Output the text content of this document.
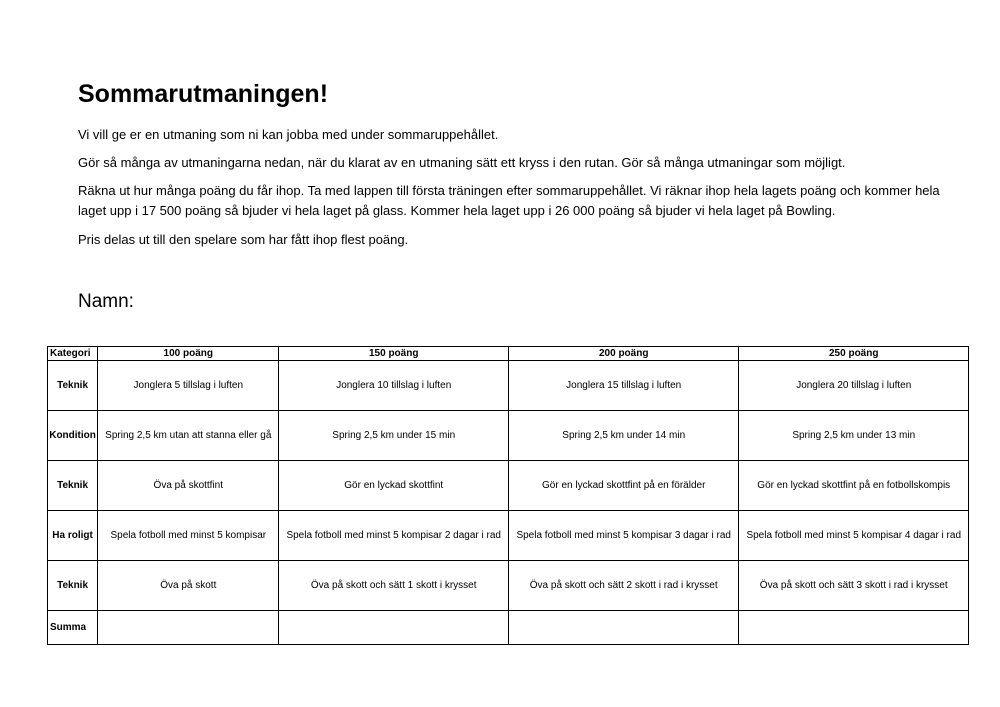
Sommarutmaningen!

Vi vill ge er en utmaning som ni kan jobba med under sommaruppehållet.

Gör så många av utmaningarna nedan, när du klarat av en utmaning sätt ett kryss i den rutan. Gör så många utmaningar som möjligt.

Räkna ut hur många poäng du får ihop. Ta med lappen till första träningen efter sommaruppehållet. Vi räknar ihop hela lagets poäng och kommer hela laget upp i 17 500 poäng så bjuder vi hela laget på glass. Kommer hela laget upp i 26 000 poäng så bjuder vi hela laget på Bowling.

Pris delas ut till den spelare som har fått ihop flest poäng.

Namn:

Kategori	100 poäng	150 poäng	200 poäng	250 poäng
Teknik	Jonglera 5 tillslag i luften	Jonglera 10 tillslag i luften	Jonglera 15 tillslag i luften	Jonglera 20 tillslag i luften
Kondition	Spring 2,5 km utan att stanna eller gå	Spring 2,5 km under 15 min	Spring 2,5 km under 14 min	Spring 2,5 km under 13 min
Teknik	Öva på skottfint	Gör en lyckad skottfint	Gör en lyckad skottfint på en förälder	Gör en lyckad skottfint på en fotbollskompis
Ha roligt	Spela fotboll med minst 5 kompisar	Spela fotboll med minst 5 kompisar 2 dagar i rad	Spela fotboll med minst 5 kompisar 3 dagar i rad	Spela fotboll med minst 5 kompisar 4 dagar i rad
Teknik	Öva på skott	Öva på skott och sätt 1 skott i krysset	Öva på skott och sätt 2 skott i rad i krysset	Öva på skott och sätt 3 skott i rad i krysset
Summa				
